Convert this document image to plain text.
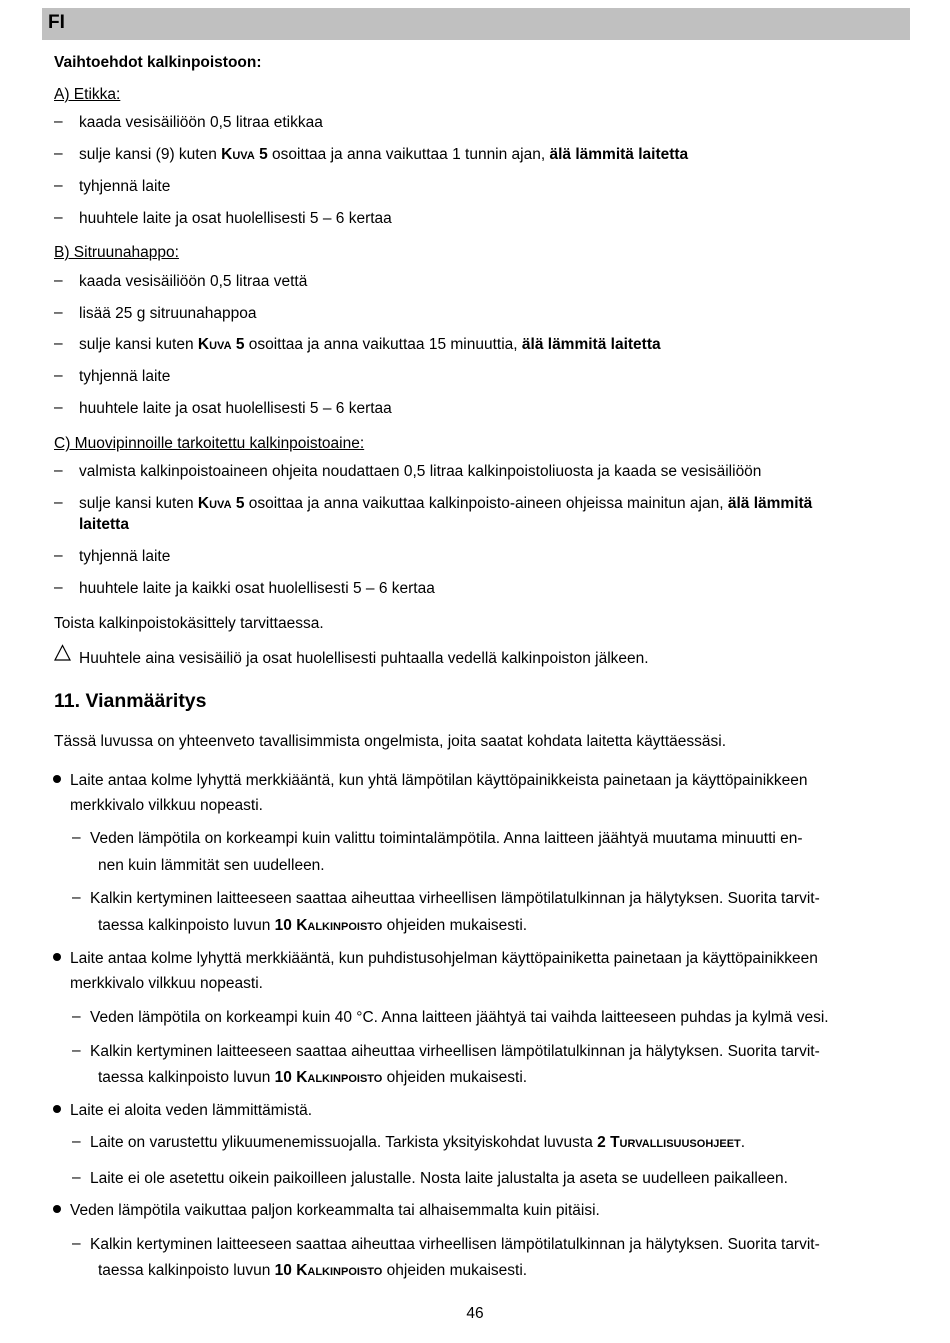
FI
Vaihtoehdot kalkinpoistoon:
A) Etikka:
– kaada vesisäiliöön 0,5 litraa etikkaa
– sulje kansi (9) kuten Kuva 5 osoittaa ja anna vaikuttaa 1 tunnin ajan, älä lämmitä laitetta
– tyhjennä laite
– huuhtele laite ja osat huolellisesti 5 – 6 kertaa
B) Sitruunahappo:
– kaada vesisäiliöön 0,5 litraa vettä
– lisää 25 g sitruunahappoa
– sulje kansi kuten Kuva 5 osoittaa ja anna vaikuttaa 15 minuuttia, älä lämmitä laitetta
– tyhjennä laite
– huuhtele laite ja osat huolellisesti 5 – 6 kertaa
C) Muovipinnoille tarkoitettu kalkinpoistoaine:
– valmista kalkinpoistoaineen ohjeita noudattaen 0,5 litraa kalkinpoistoliuosta ja kaada se vesisäiliöön
– sulje kansi kuten Kuva 5 osoittaa ja anna vaikuttaa kalkinpoisto-aineen ohjeissa mainitun ajan, älä lämmitä
laitetta
– tyhjennä laite
– huuhtele laite ja kaikki osat huolellisesti 5 – 6 kertaa
Toista kalkinpoistokäsittely tarvittaessa.
Huuhtele aina vesisäiliö ja osat huolellisesti puhtaalla vedellä kalkinpoiston jälkeen.
11. Vianmääritys
Tässä luvussa on yhteenveto tavallisimmista ongelmista, joita saatat kohdata laitetta käyttäessäsi.
Laite antaa kolme lyhyttä merkkiääntä, kun yhtä lämpötilan käyttöpainikkeista painetaan ja käyttöpainikkeen
merkkivalo vilkkuu nopeasti.
– Veden lämpötila on korkeampi kuin valittu toimintalämpötila. Anna laitteen jäähtyä muutama minuutti en-
nen kuin lämmität sen uudelleen.
– Kalkin kertyminen laitteeseen saattaa aiheuttaa virheellisen lämpötilatulkinnan ja hälytyksen. Suorita tarvit-
taessa kalkinpoisto luvun 10 Kalkinpoisto ohjeiden mukaisesti.
Laite antaa kolme lyhyttä merkkiääntä, kun puhdistusohjelman käyttöpainiketta painetaan ja käyttöpainikkeen
merkkivalo vilkkuu nopeasti.
– Veden lämpötila on korkeampi kuin 40 °C. Anna laitteen jäähtyä tai vaihda laitteeseen puhdas ja kylmä vesi.
– Kalkin kertyminen laitteeseen saattaa aiheuttaa virheellisen lämpötilatulkinnan ja hälytyksen. Suorita tarvit-
taessa kalkinpoisto luvun 10 Kalkinpoisto ohjeiden mukaisesti.
Laite ei aloita veden lämmittämistä.
– Laite on varustettu ylikuumenemissuojalla. Tarkista yksityiskohdat luvusta 2 Turvallisuusohjeet.
– Laite ei ole asetettu oikein paikoilleen jalustalle. Nosta laite jalustalta ja aseta se uudelleen paikalleen.
Veden lämpötila vaikuttaa paljon korkeammalta tai alhaisemmalta kuin pitäisi.
– Kalkin kertyminen laitteeseen saattaa aiheuttaa virheellisen lämpötilatulkinnan ja hälytyksen. Suorita tarvit-
taessa kalkinpoisto luvun 10 Kalkinpoisto ohjeiden mukaisesti.
46
